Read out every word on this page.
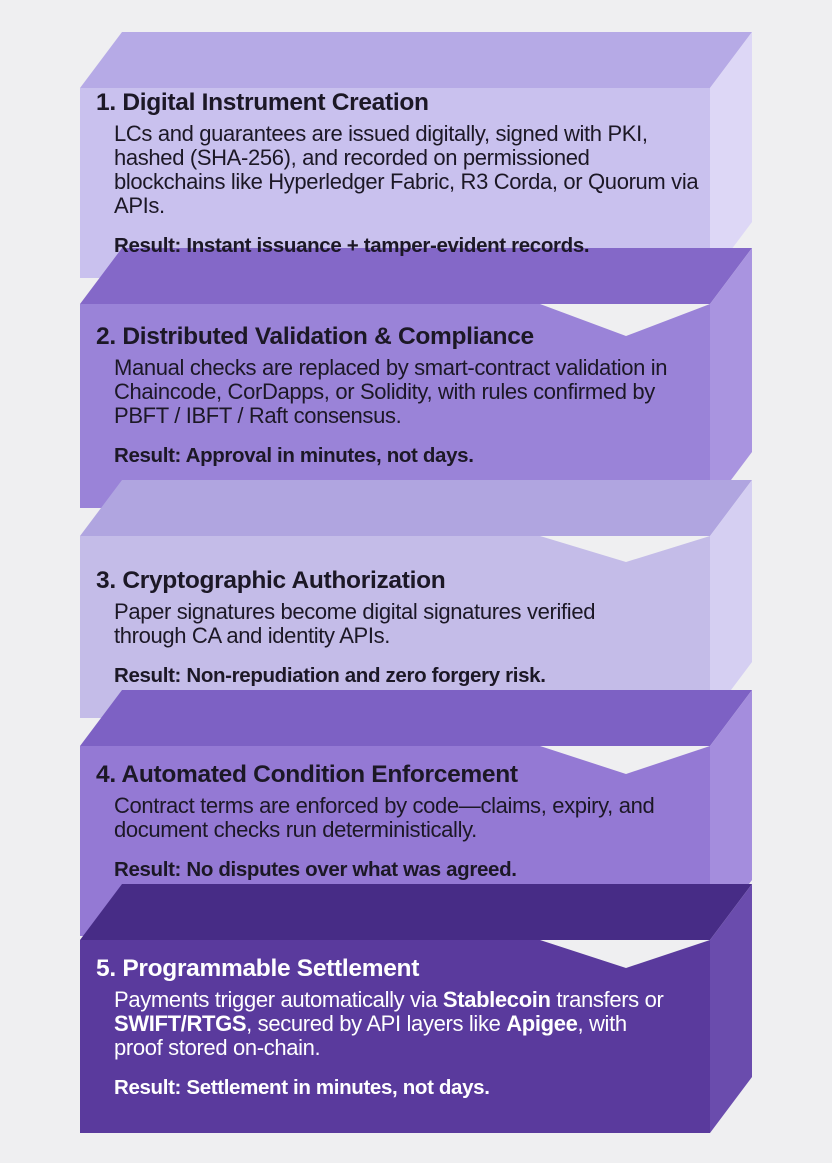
1. Digital Instrument Creation
LCs and guarantees are issued digitally, signed with PKI, hashed (SHA-256), and recorded on permissioned blockchains like Hyperledger Fabric, R3 Corda, or Quorum via APIs.
Result: Instant issuance + tamper-evident records.
2. Distributed Validation & Compliance
Manual checks are replaced by smart-contract validation in Chaincode, CorDapps, or Solidity, with rules confirmed by PBFT / IBFT / Raft consensus.
Result: Approval in minutes, not days.
3. Cryptographic Authorization
Paper signatures become digital signatures verified through CA and identity APIs.
Result: Non-repudiation and zero forgery risk.
4. Automated Condition Enforcement
Contract terms are enforced by code—claims, expiry, and document checks run deterministically.
Result: No disputes over what was agreed.
5. Programmable Settlement
Payments trigger automatically via Stablecoin transfers or SWIFT/RTGS, secured by API layers like Apigee, with proof stored on-chain.
Result: Settlement in minutes, not days.
